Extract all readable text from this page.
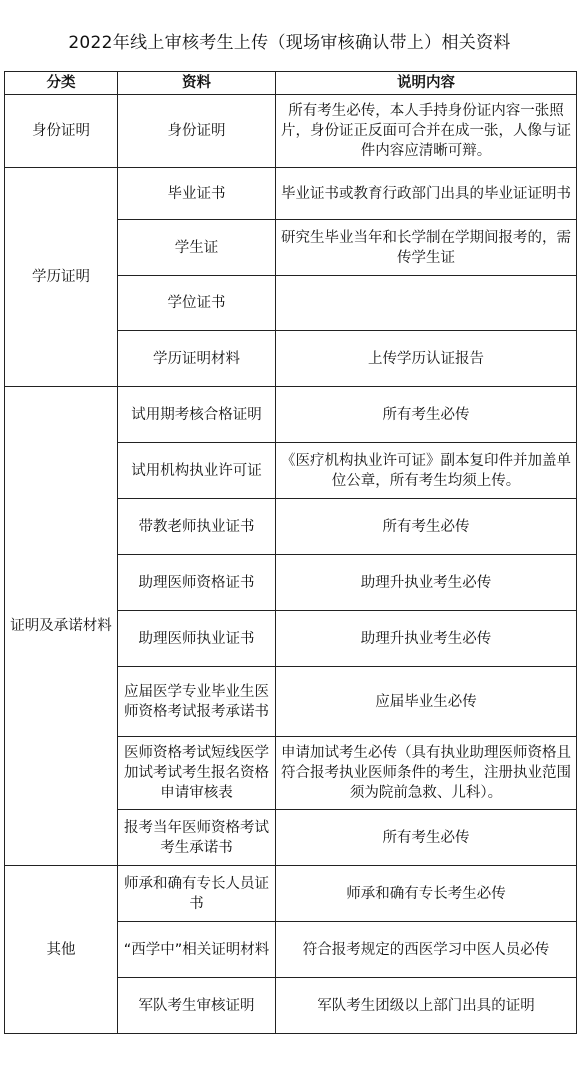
2022年线上审核考生上传（现场审核确认带上）相关资料
分类	资料	说明内容
身份证明	身份证明	所有考生必传，本人手持身份证内容一张照片，身份证正反面可合并在成一张，人像与证件内容应清晰可辩。
学历证明	毕业证书	毕业证书或教育行政部门出具的毕业证证明书
	学生证	研究生毕业当年和长学制在学期间报考的，需传学生证
	学位证书	
	学历证明材料	上传学历认证报告
证明及承诺材料	试用期考核合格证明	所有考生必传
	试用机构执业许可证	《医疗机构执业许可证》副本复印件并加盖单位公章，所有考生均须上传。
	带教老师执业证书	所有考生必传
	助理医师资格证书	助理升执业考生必传
	助理医师执业证书	助理升执业考生必传
	应届医学专业毕业生医师资格考试报考承诺书	应届毕业生必传
	医师资格考试短线医学加试考试考生报名资格申请审核表	申请加试考生必传（具有执业助理医师资格且符合报考执业医师条件的考生，注册执业范围须为院前急救、儿科）。
	报考当年医师资格考试考生承诺书	所有考生必传
其他	师承和确有专长人员证书	师承和确有专长考生必传
	“西学中”相关证明材料	符合报考规定的西医学习中医人员必传
	军队考生审核证明	军队考生团级以上部门出具的证明
